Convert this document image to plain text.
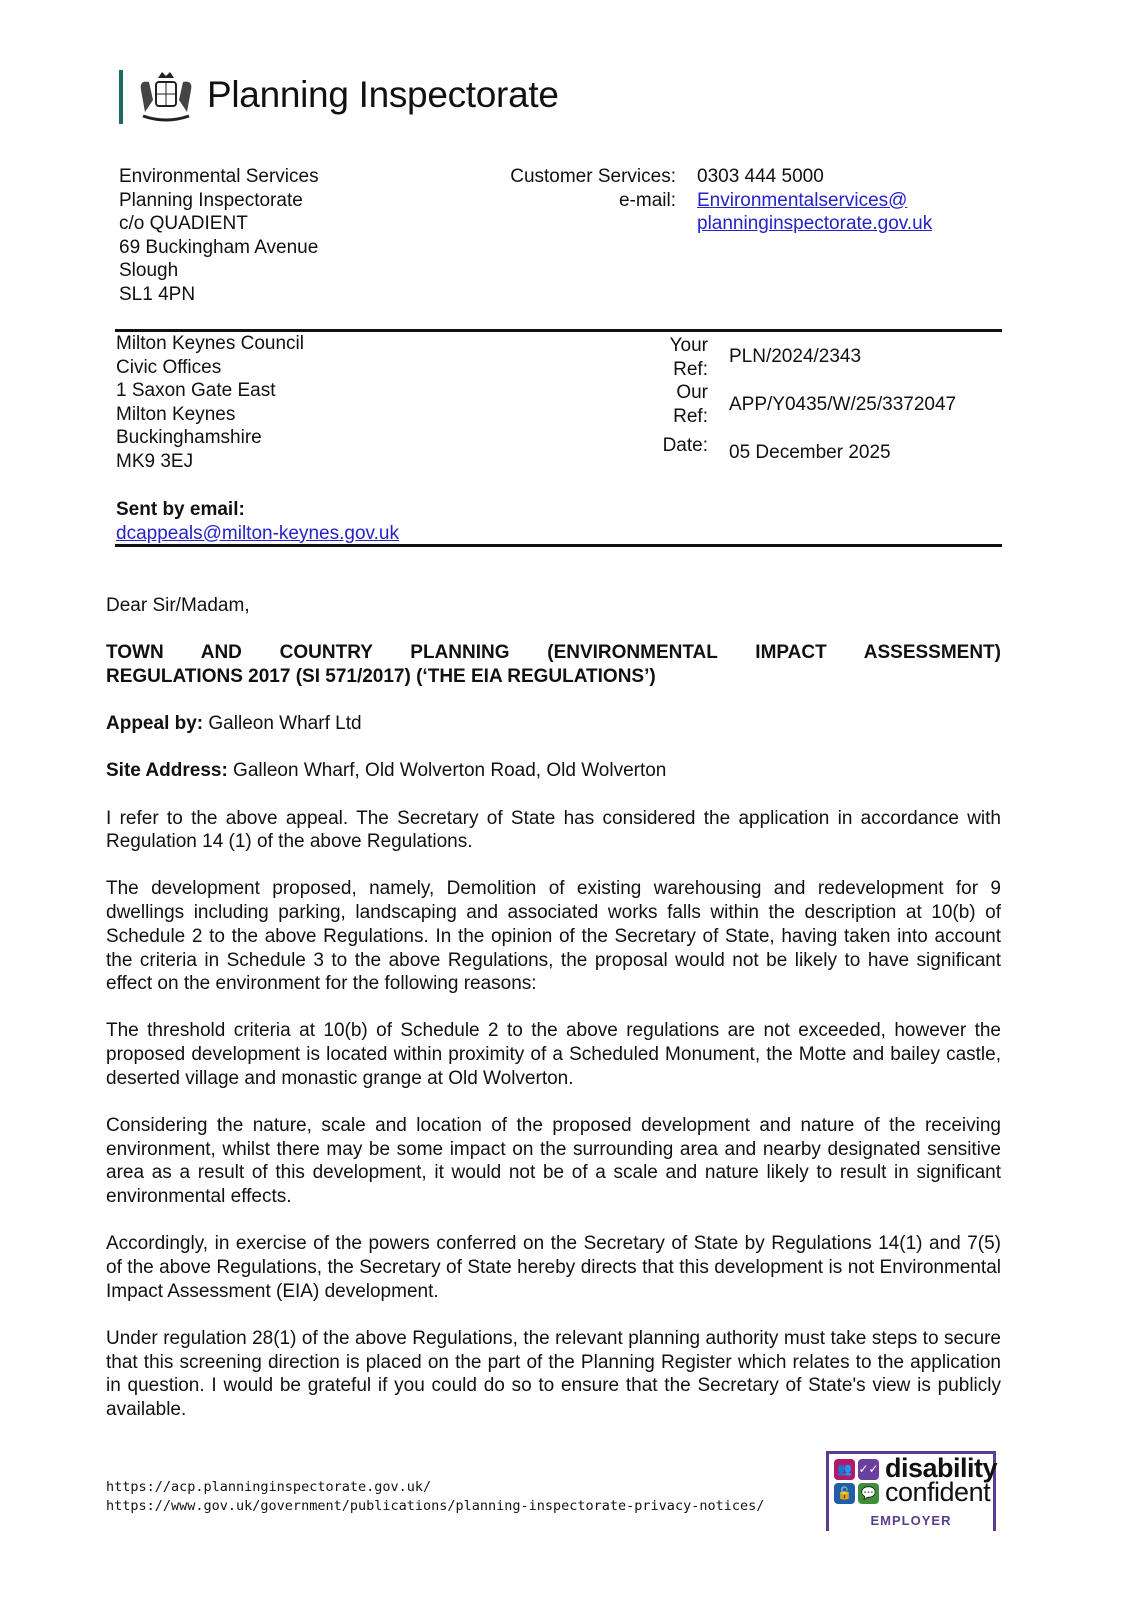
Planning Inspectorate
Environmental Services
Planning Inspectorate
c/o QUADIENT
69 Buckingham Avenue
Slough
SL1 4PN
Customer Services:
e-mail:
0303 444 5000
Environmentalservices@
planninginspectorate.gov.uk
Milton Keynes Council
Civic Offices
1 Saxon Gate East
Milton Keynes
Buckinghamshire
MK9 3EJ
Sent by email:
dcappeals@milton-keynes.gov.uk
Your
Ref:
Our
Ref:
Date:
PLN/2024/2343
APP/Y0435/W/25/3372047
05 December 2025

Dear Sir/Madam,

TOWN AND COUNTRY PLANNING (ENVIRONMENTAL IMPACT ASSESSMENT)

REGULATIONS 2017 (SI 571/2017) (‘THE EIA REGULATIONS’)

Appeal by: Galleon Wharf Ltd

Site Address: Galleon Wharf, Old Wolverton Road, Old Wolverton

I refer to the above appeal. The Secretary of State has considered the application in accordance with Regulation 14 (1) of the above Regulations.

The development proposed, namely, Demolition of existing warehousing and redevelopment for 9 dwellings including parking, landscaping and associated works falls within the description at 10(b) of Schedule 2 to the above Regulations. In the opinion of the Secretary of State, having taken into account the criteria in Schedule 3 to the above Regulations, the proposal would not be likely to have significant effect on the environment for the following reasons:

The threshold criteria at 10(b) of Schedule 2 to the above regulations are not exceeded, however the proposed development is located within proximity of a Scheduled Monument, the Motte and bailey castle, deserted village and monastic grange at Old Wolverton.

Considering the nature, scale and location of the proposed development and nature of the receiving environment, whilst there may be some impact on the surrounding area and nearby designated sensitive area as a result of this development, it would not be of a scale and nature likely to result in significant environmental effects.

Accordingly, in exercise of the powers conferred on the Secretary of State by Regulations 14(1) and 7(5) of the above Regulations, the Secretary of State hereby directs that this development is not Environmental Impact Assessment (EIA) development.

Under regulation 28(1) of the above Regulations, the relevant planning authority must take steps to secure that this screening direction is placed on the part of the Planning Register which relates to the application in question. I would be grateful if you could do so to ensure that the Secretary of State's view is publicly available.

https://acp.planninginspectorate.gov.uk/
https://www.gov.uk/government/publications/planning-inspectorate-privacy-notices/
👥 ✓✓
🔓 💬
disability
confident
EMPLOYER
